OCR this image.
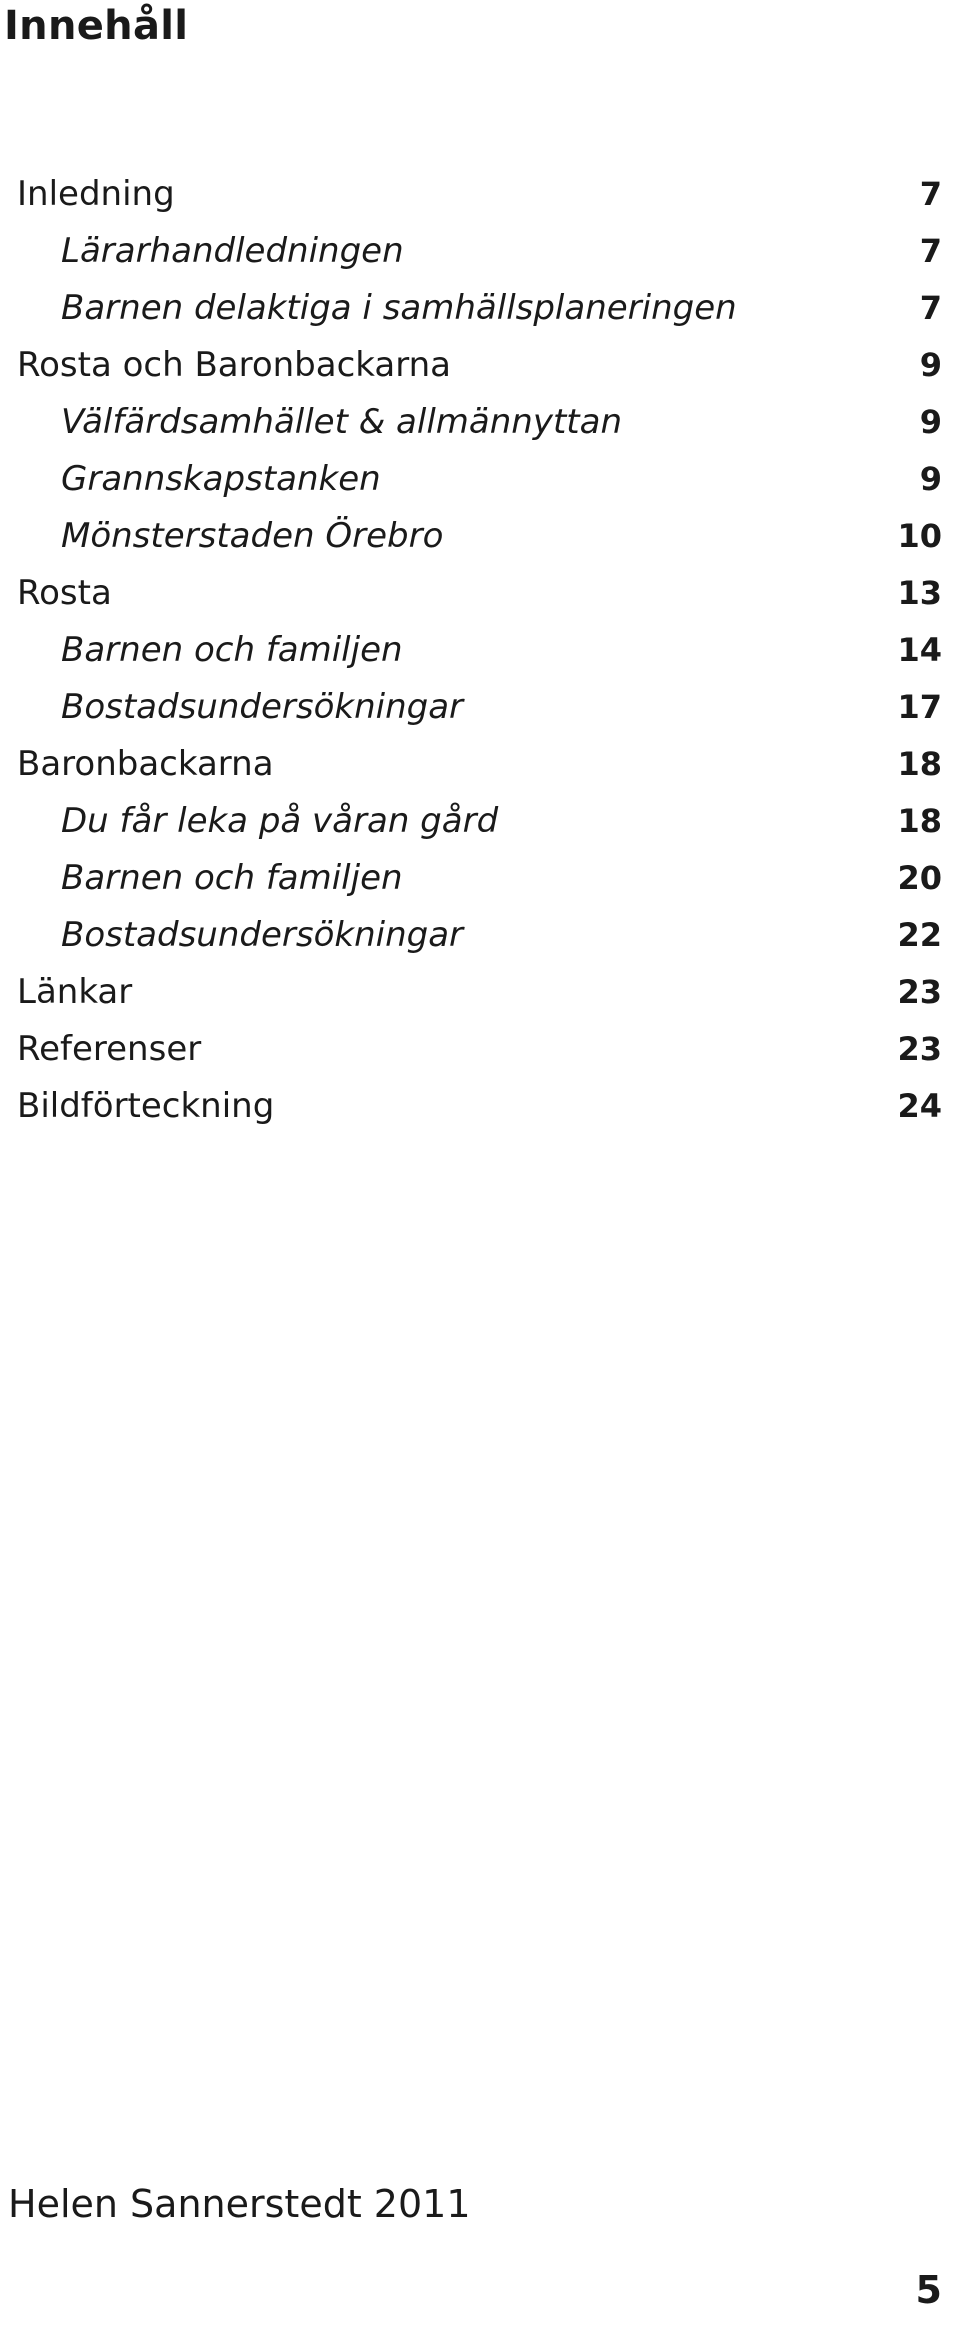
Innehåll
Inledning	7
Lärarhandledningen	7
Barnen delaktiga i samhällsplaneringen	7
Rosta och Baronbackarna	9
Välfärdsamhället & allmännyttan	9
Grannskapstanken	9
Mönsterstaden Örebro	10
Rosta	13
Barnen och familjen	14
Bostadsundersökningar	17
Baronbackarna	18
Du får leka på våran gård	18
Barnen och familjen	20
Bostadsundersökningar	22
Länkar	23
Referenser	23
Bildförteckning	24

Helen Sannerstedt 2011

5
